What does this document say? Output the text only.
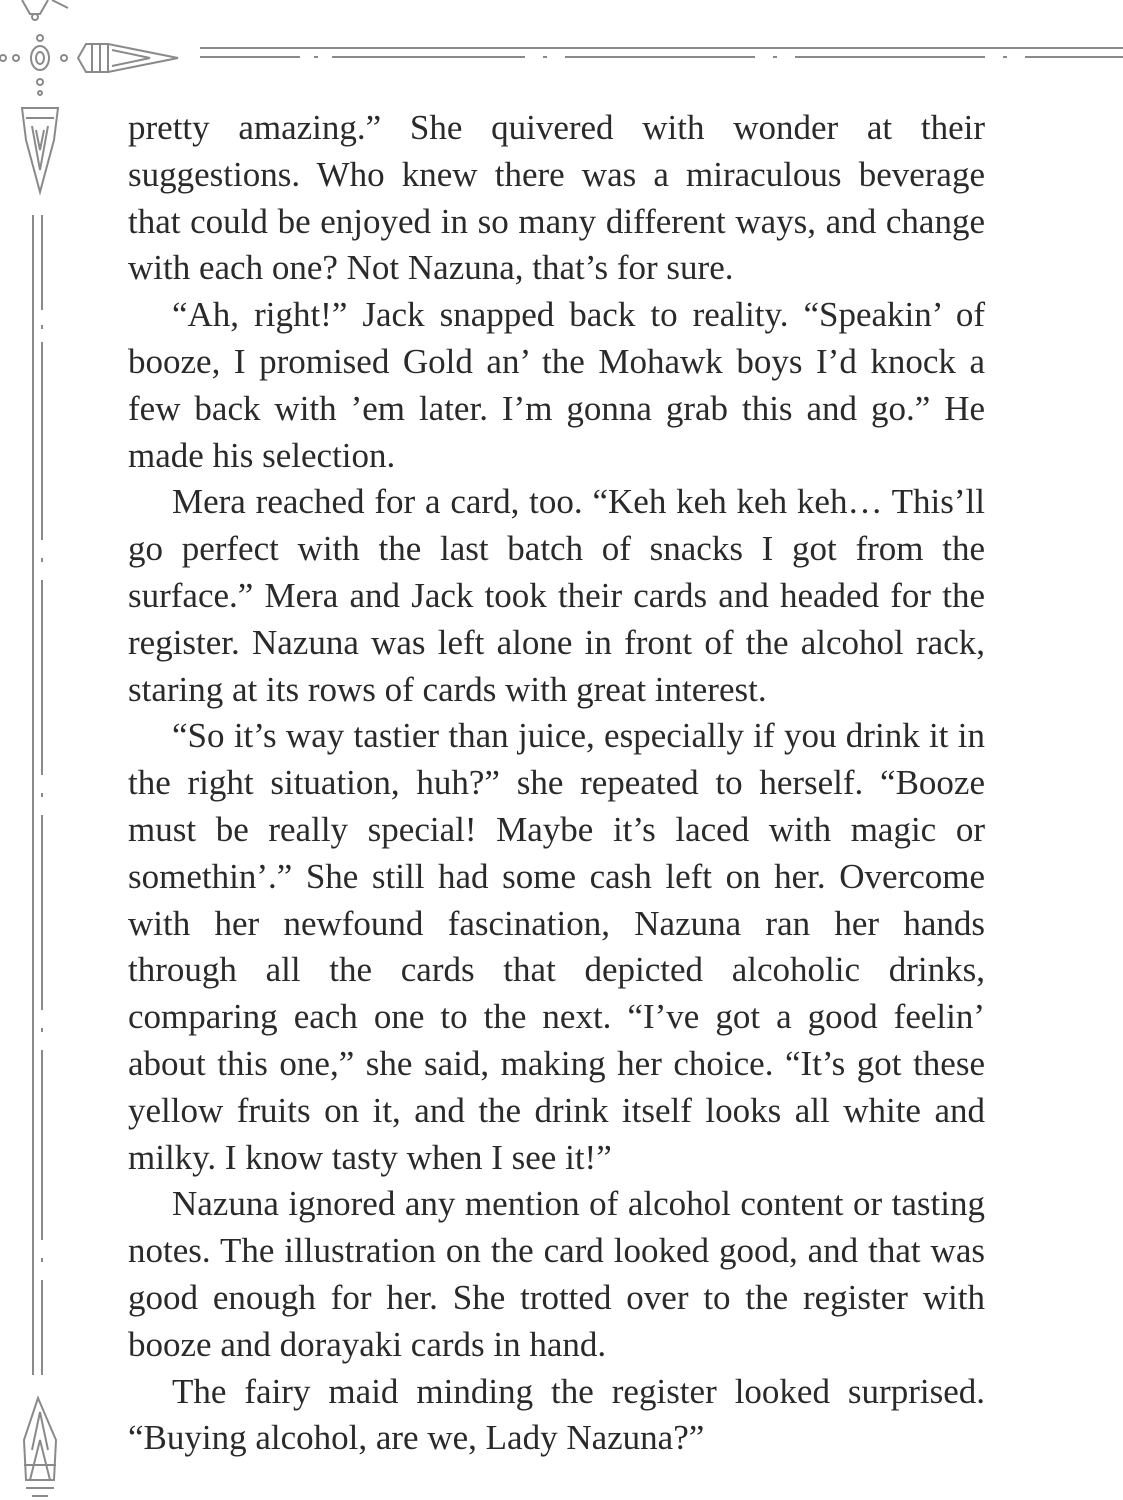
pretty amazing.” She quivered with wonder at their suggestions. Who knew there was a miraculous beverage that could be enjoyed in so many different ways, and change with each one? Not Nazuna, that’s for sure.

“Ah, right!” Jack snapped back to reality. “Speakin’ of booze, I promised Gold an’ the Mohawk boys I’d knock a few back with ’em later. I’m gonna grab this and go.” He made his selection.

Mera reached for a card, too. “Keh keh keh keh… This’ll go perfect with the last batch of snacks I got from the surface.” Mera and Jack took their cards and headed for the register. Nazuna was left alone in front of the alcohol rack, staring at its rows of cards with great interest.

“So it’s way tastier than juice, especially if you drink it in the right situation, huh?” she repeated to herself. “Booze must be really special! Maybe it’s laced with magic or somethin’.” She still had some cash left on her. Overcome with her newfound fascination, Nazuna ran her hands through all the cards that depicted alcoholic drinks, comparing each one to the next. “I’ve got a good feelin’ about this one,” she said, making her choice. “It’s got these yellow fruits on it, and the drink itself looks all white and milky. I know tasty when I see it!”

Nazuna ignored any mention of alcohol content or tasting notes. The illustration on the card looked good, and that was good enough for her. She trotted over to the register with booze and dorayaki cards in hand.

The fairy maid minding the register looked surprised. “Buying alcohol, are we, Lady Nazuna?”
